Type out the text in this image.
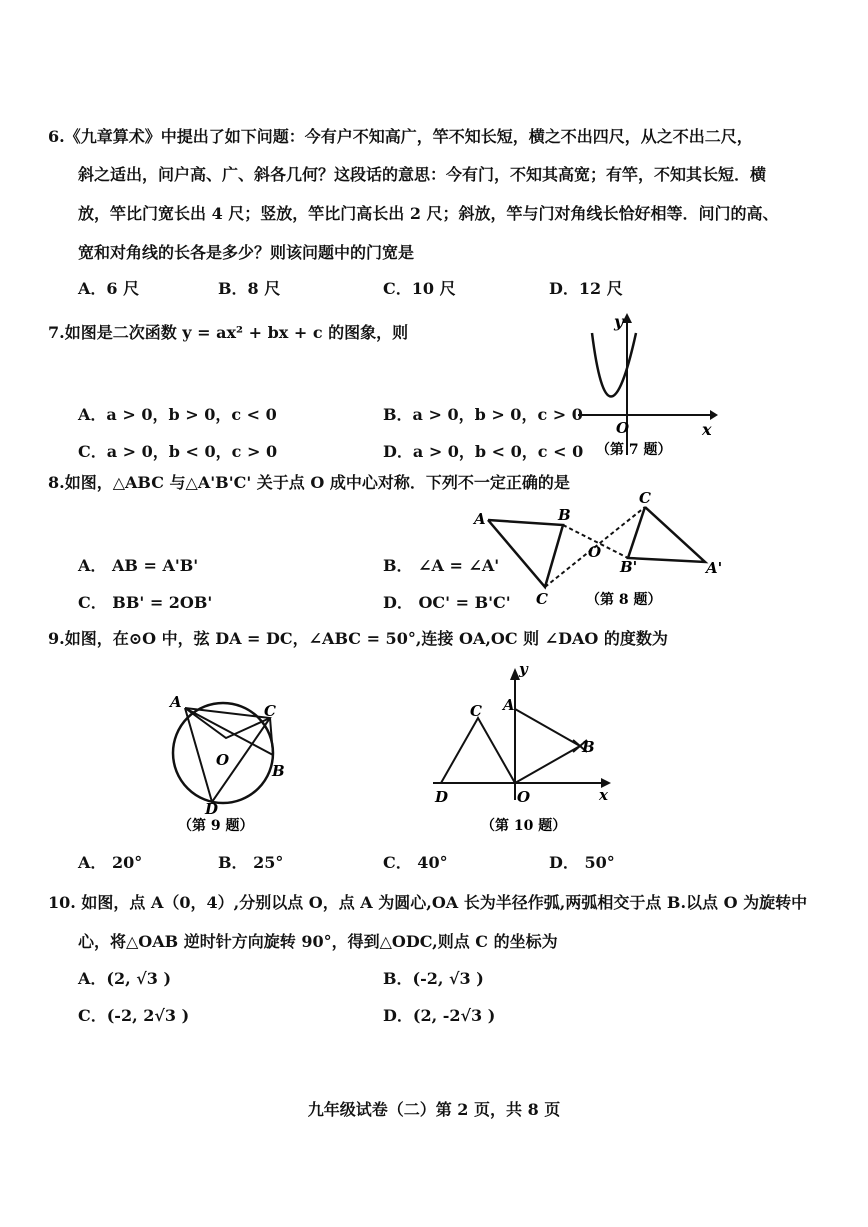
6.《九章算术》中提出了如下问题：今有户不知高广，竿不知长短，横之不出四尺，从之不出二尺，
斜之适出，问户高、广、斜各几何？这段话的意思：今有门，不知其高宽；有竿，不知其长短．横
放，竿比门宽长出 4 尺；竖放，竿比门高长出 2 尺；斜放，竿与门对角线长恰好相等．问门的高、
宽和对角线的长各是多少？则该问题中的门宽是
A．6 尺	B．8 尺	C．10 尺	D．12 尺
7.如图是二次函数 y = ax² + bx + c 的图象，则
A．a > 0，b > 0，c < 0	B．a > 0，b > 0，c > 0
C．a > 0，b < 0，c > 0	D．a > 0，b < 0，c < 0
y
x
O
（第 7 题）
8.如图，△ABC 与△A'B'C' 关于点 O 成中心对称．下列不一定正确的是
A． AB = A'B'	B． ∠A = ∠A'
C． BB' = 2OB'	D． OC' = B'C'
A	B
C
O
C
B'	A'
（第 8 题）
9.如图，在⊙O 中，弦 DA = DC，∠ABC = 50°,连接 OA,OC 则 ∠DAO 的度数为
A	C
O
B
D
（第 9 题）
y
x
A
B
C
D	O
（第 10 题）
A． 20°	B． 25°	C． 40°	D． 50°
10. 如图，点 A（0，4）,分别以点 O，点 A 为圆心,OA 长为半径作弧,两弧相交于点 B.以点 O 为旋转中
心，将△OAB 逆时针方向旋转 90°，得到△ODC,则点 C 的坐标为
A．(2, √3 )	B．(-2, √3 )
C．(-2, 2√3 )	D．(2, -2√3 )
九年级试卷（二）第 2 页，共 8 页
